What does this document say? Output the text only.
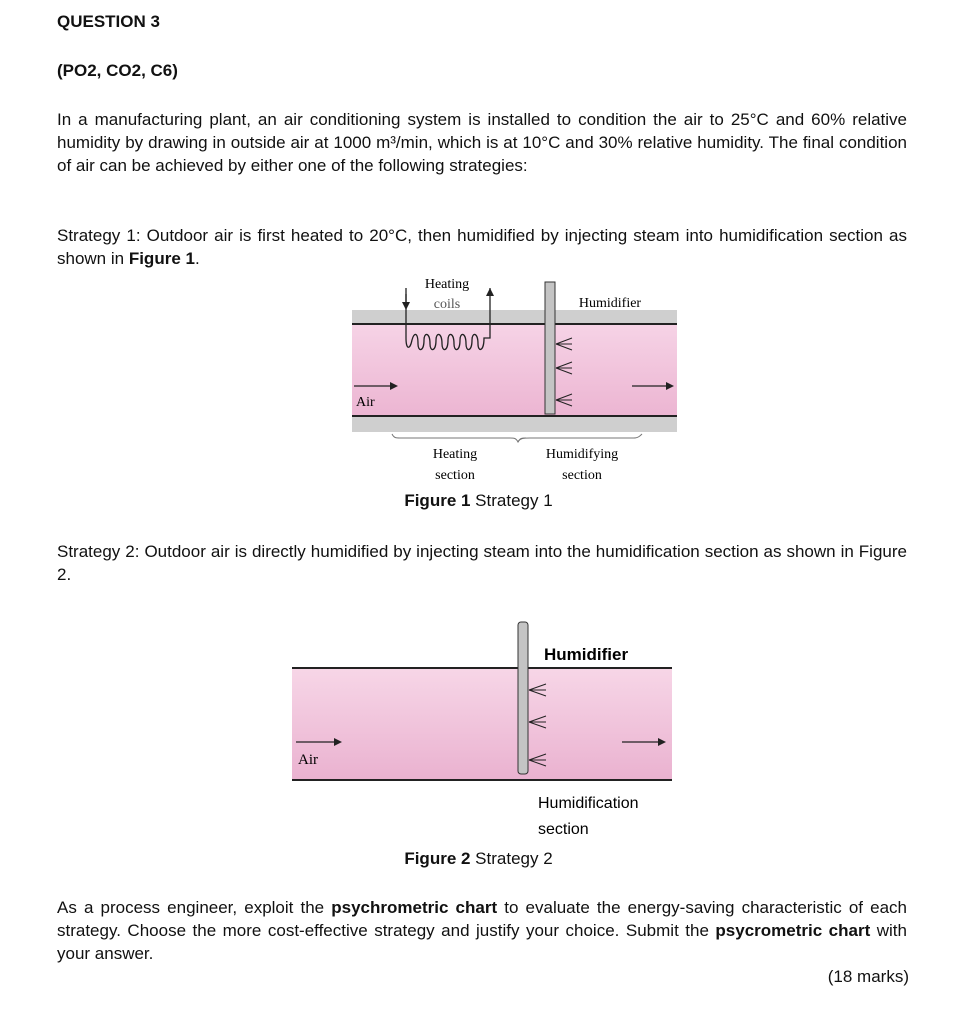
QUESTION 3
(PO2, CO2, C6)
In a manufacturing plant, an air conditioning system is installed to condition the air to 25°C and 60% relative humidity by drawing in outside air at 1000 m³/min, which is at 10°C and 30% relative humidity. The final condition of air can be achieved by either one of the following strategies:
Strategy 1: Outdoor air is first heated to 20°C, then humidified by injecting steam into humidification section as shown in Figure 1.
Heating
coils	Humidifier
Air
Heating
section
Humidifying
section
Figure 1 Strategy 1
Strategy 2: Outdoor air is directly humidified by injecting steam into the humidification section as shown in Figure 2.
Humidifier
Air
Humidification
section
Figure 2 Strategy 2
As a process engineer, exploit the psychrometric chart to evaluate the energy-saving characteristic of each strategy. Choose the more cost-effective strategy and justify your choice. Submit the psycrometric chart with your answer.
(18 marks)
